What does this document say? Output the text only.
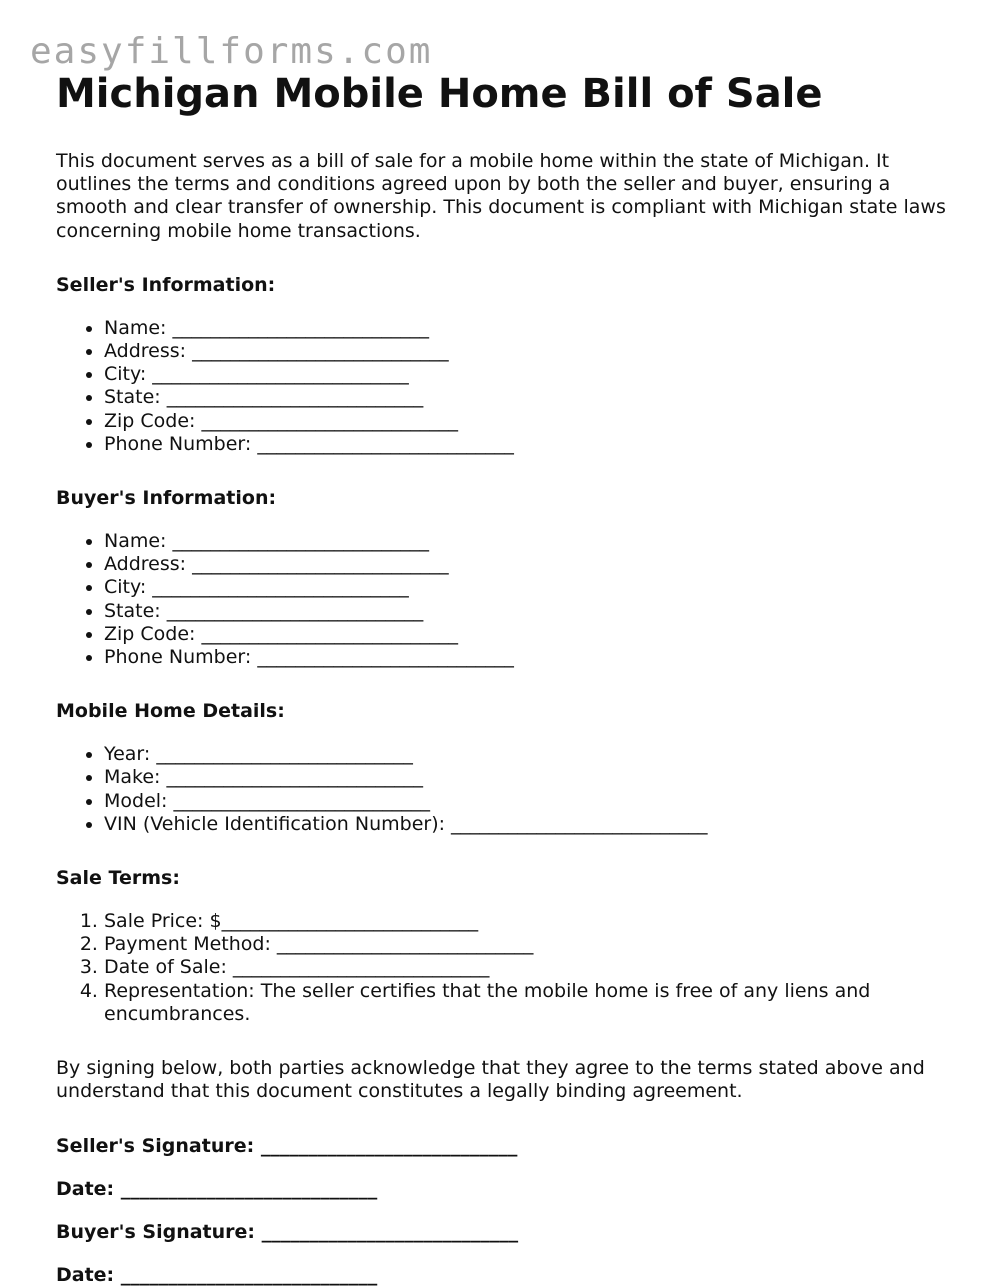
easyfillforms.com
Michigan Mobile Home Bill of Sale

This document serves as a bill of sale for a mobile home within the state of Michigan. It outlines the terms and conditions agreed upon by both the seller and buyer, ensuring a smooth and clear transfer of ownership. This document is compliant with Michigan state laws concerning mobile home transactions.

Seller's Information:
• Name: ___________________________
• Address: ___________________________
• City: ___________________________
• State: ___________________________
• Zip Code: ___________________________
• Phone Number: ___________________________
Buyer's Information:
• Name: ___________________________
• Address: ___________________________
• City: ___________________________
• State: ___________________________
• Zip Code: ___________________________
• Phone Number: ___________________________
Mobile Home Details:
• Year: ___________________________
• Make: ___________________________
• Model: ___________________________
• VIN (Vehicle Identification Number): ___________________________
Sale Terms:
1. Sale Price: $___________________________
2. Payment Method: ___________________________
3. Date of Sale: ___________________________
4. Representation: The seller certifies that the mobile home is free of any liens and encumbrances.

By signing below, both parties acknowledge that they agree to the terms stated above and understand that this document constitutes a legally binding agreement.

Seller's Signature: ___________________________
Date: ___________________________
Buyer's Signature: ___________________________
Date: ___________________________
